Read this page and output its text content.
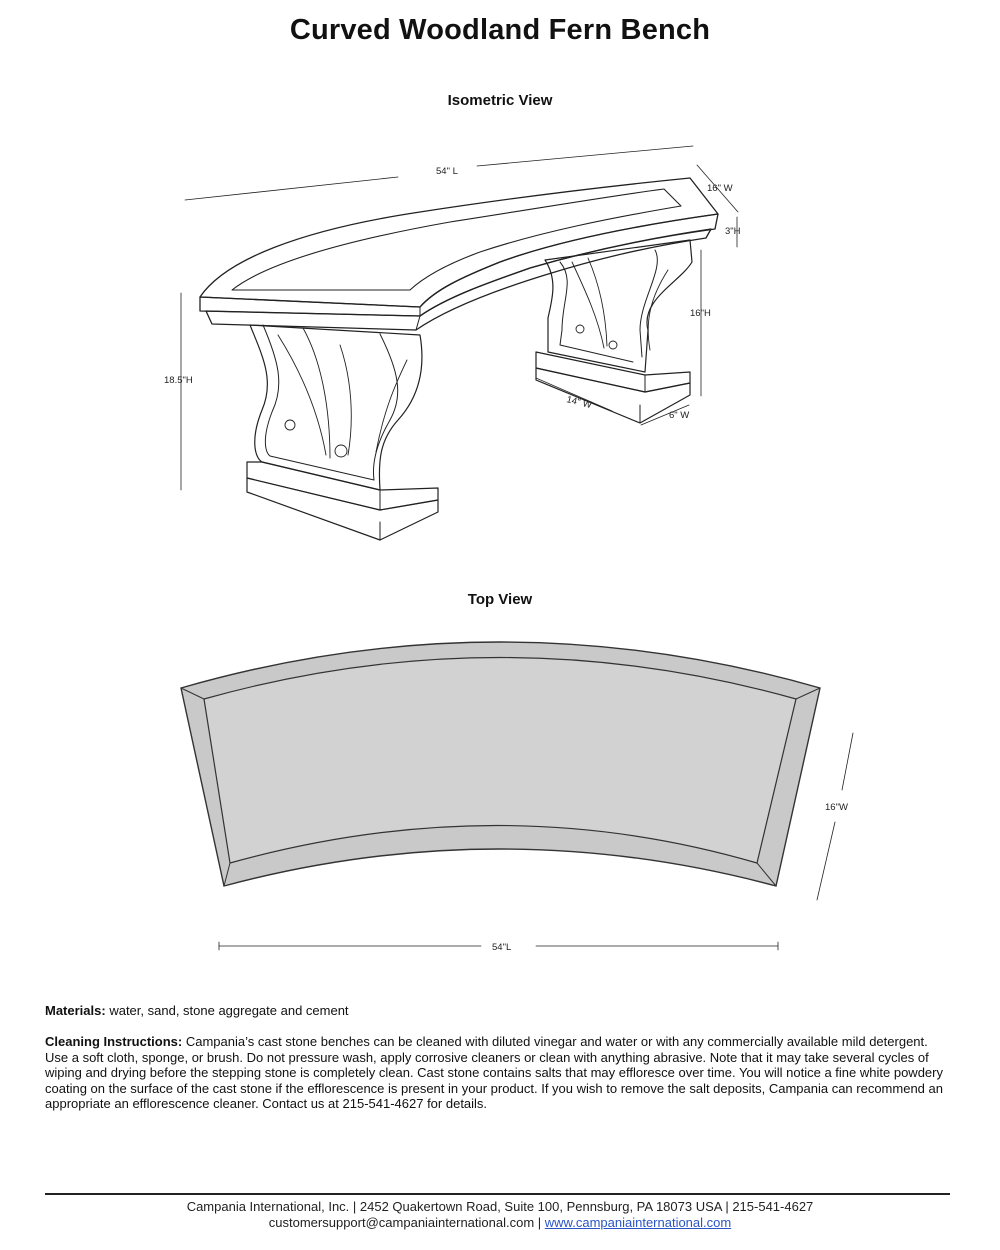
Curved Woodland Fern Bench
Isometric View
54" L
16" W
3"H
16"H
18.5"H
14" W
6" W
Top View
16"W
54"L
Materials: water, sand, stone aggregate and cement
Cleaning Instructions: Campania’s cast stone benches can be cleaned with diluted vinegar and water or with any commercially available mild detergent. Use a soft cloth, sponge, or brush. Do not pressure wash, apply corrosive cleaners or clean with anything abrasive. Note that it may take several cycles of wiping and drying before the stepping stone is completely clean. Cast stone contains salts that may effloresce over time. You will notice a fine white powdery coating on the surface of the cast stone if the efflorescence is present in your product. If you wish to remove the salt deposits, Campania can recommend an appropriate an efflorescence cleaner. Contact us at 215-541-4627 for details.
Campania International, Inc. | 2452 Quakertown Road, Suite 100, Pennsburg, PA 18073 USA | 215-541-4627
customersupport@campaniainternational.com | www.campaniainternational.com
